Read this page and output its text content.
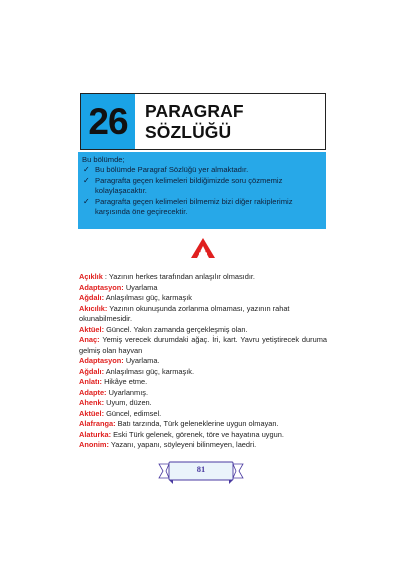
26 PARAGRAF SÖZLÜĞÜ
Bu bölümde;
✓ Bu bölümde Paragraf Sözlüğü yer almaktadır.
✓ Paragrafta geçen kelimeleri bildiğimizde soru çözmemiz kolaylaşacaktır.
✓ Paragrafta geçen kelimeleri bilmemiz bizi diğer rakiplerimiz karşısında öne geçirecektir.

Açıklık : Yazının herkes tarafından anlaşılır olmasıdır.

Adaptasyon: Uyarlama

Ağdalı: Anlaşılması güç, karmaşık

Akıcılık: Yazının okunuşunda zorlanma olmaması, yazının rahat okunabilmesidir.

Aktüel: Güncel. Yakın zamanda gerçekleşmiş olan.

Anaç: Yemiş verecek durumdaki ağaç. İri, kart. Yavru yetiştirecek duruma gelmiş olan hayvan

Adaptasyon: Uyarlama.

Ağdalı: Anlaşılması güç, karmaşık.

Anlatı: Hikâye etme.

Adapte: Uyarlanmış.

Ahenk: Uyum, düzen.

Aktüel: Güncel, edimsel.

Alafranga: Batı tarzında, Türk geleneklerine uygun olmayan.

Alaturka: Eski Türk gelenek, görenek, töre ve hayatına uygun.

Anonim: Yazanı, yapanı, söyleyeni bilinmeyen, laedri.

81
